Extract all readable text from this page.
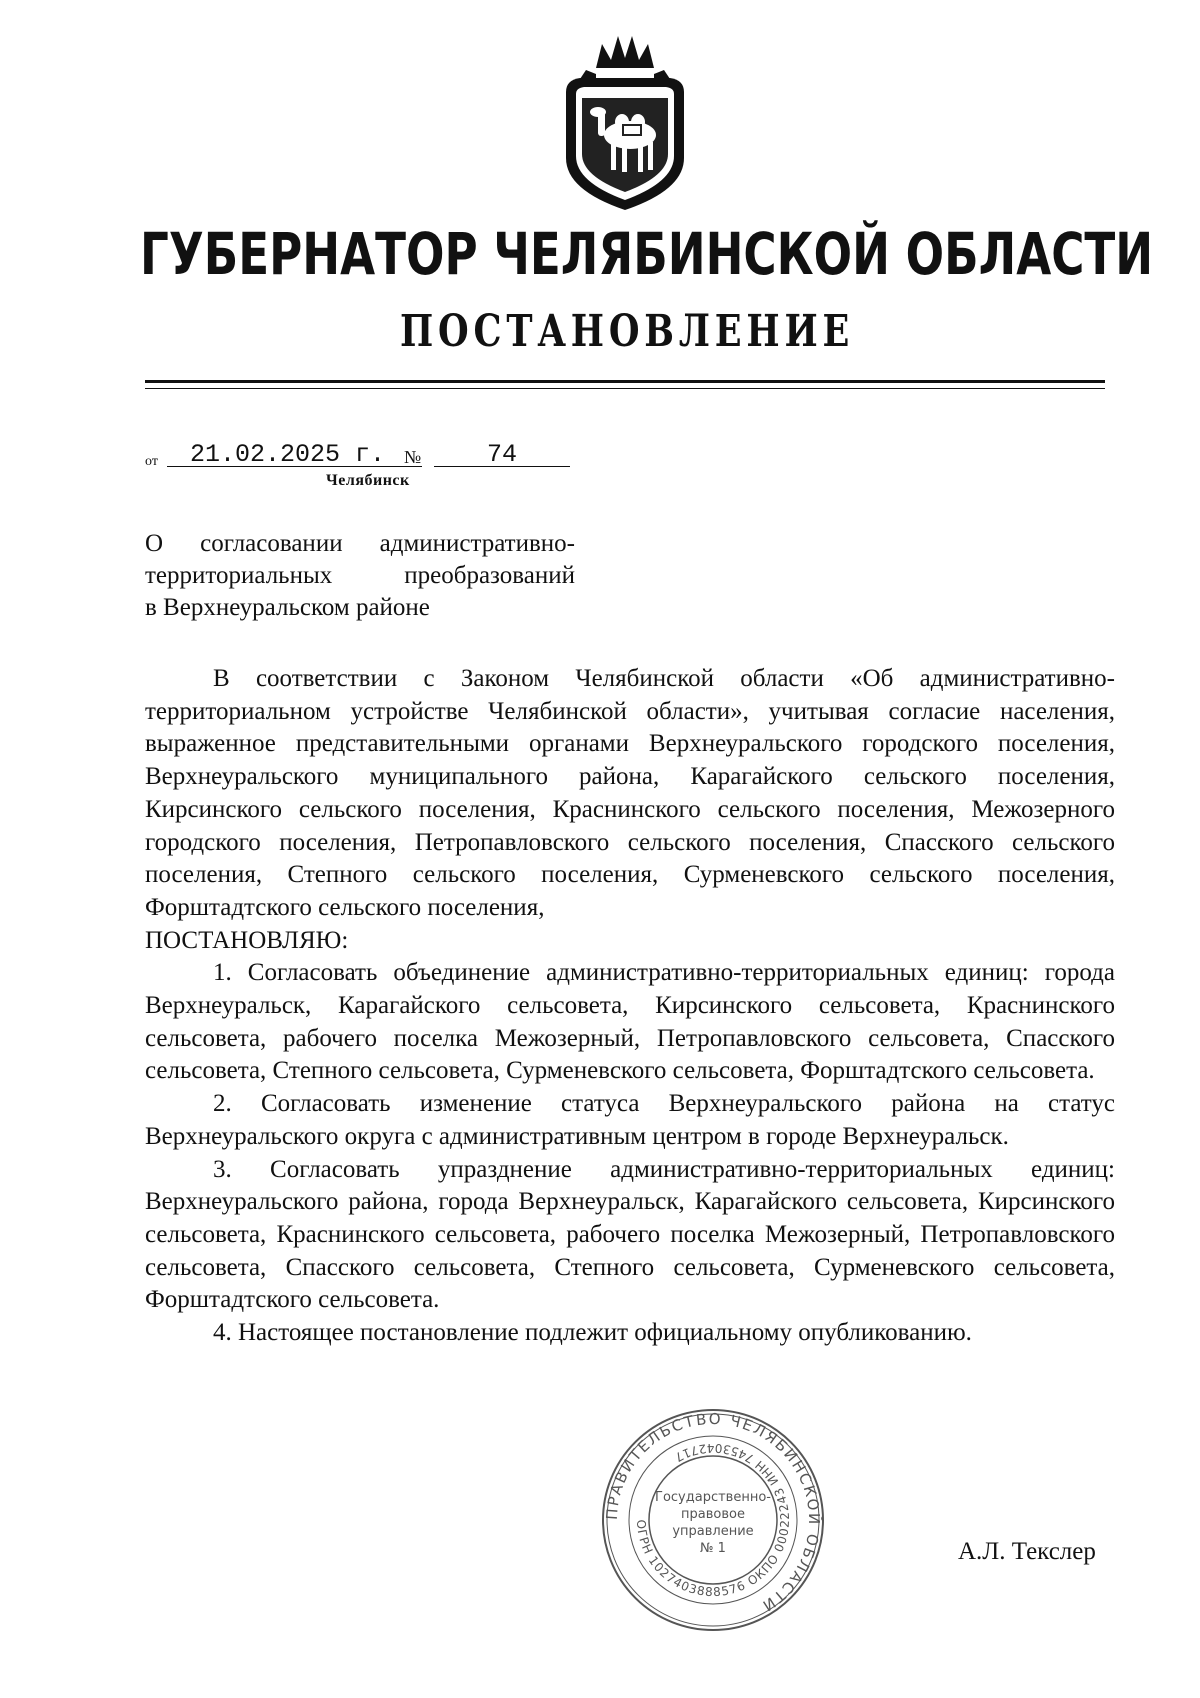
ГУБЕРНАТОР ЧЕЛЯБИНСКОЙ ОБЛАСТИ
ПОСТАНОВЛЕНИЕ
от 21.02.2025 г. №	74
Челябинск
О согласовании административно-
территориальных преобразований
в Верхнеуральском районе

В соответствии с Законом Челябинской области «Об административно-территориальном устройстве Челябинской области», учитывая согласие населения, выраженное представительными органами Верхнеуральского городского поселения, Верхнеуральского муниципального района, Карагайского сельского поселения, Кирсинского сельского поселения, Краснинского сельского поселения, Межозерного городского поселения, Петропавловского сельского поселения, Спасского сельского поселения, Степного сельского поселения, Сурменевского сельского поселения, Форштадтского сельского поселения,

ПОСТАНОВЛЯЮ:

1. Согласовать объединение административно-территориальных единиц: города Верхнеуральск, Карагайского сельсовета, Кирсинского сельсовета, Краснинского сельсовета, рабочего поселка Межозерный, Петропавловского сельсовета, Спасского сельсовета, Степного сельсовета, Сурменевского сельсовета, Форштадтского сельсовета.

2. Согласовать изменение статуса Верхнеуральского района на статус Верхнеуральского округа с административным центром в городе Верхнеуральск.

3. Согласовать упразднение административно-территориальных единиц: Верхнеуральского района, города Верхнеуральск, Карагайского сельсовета, Кирсинского сельсовета, Краснинского сельсовета, рабочего поселка Межозерный, Петропавловского сельсовета, Спасского сельсовета, Степного сельсовета, Сурменевского сельсовета, Форштадтского сельсовета.

4. Настоящее постановление подлежит официальному опубликованию.

ПРАВИТЕЛЬСТВО ЧЕЛЯБИНСКОЙ ОБЛАСТИ
ОГРН 1027403888576 ОКПО 00022243 ИНН 7453042717
Государственно-
правовое
управление
№ 1	А.Л. Текслер
